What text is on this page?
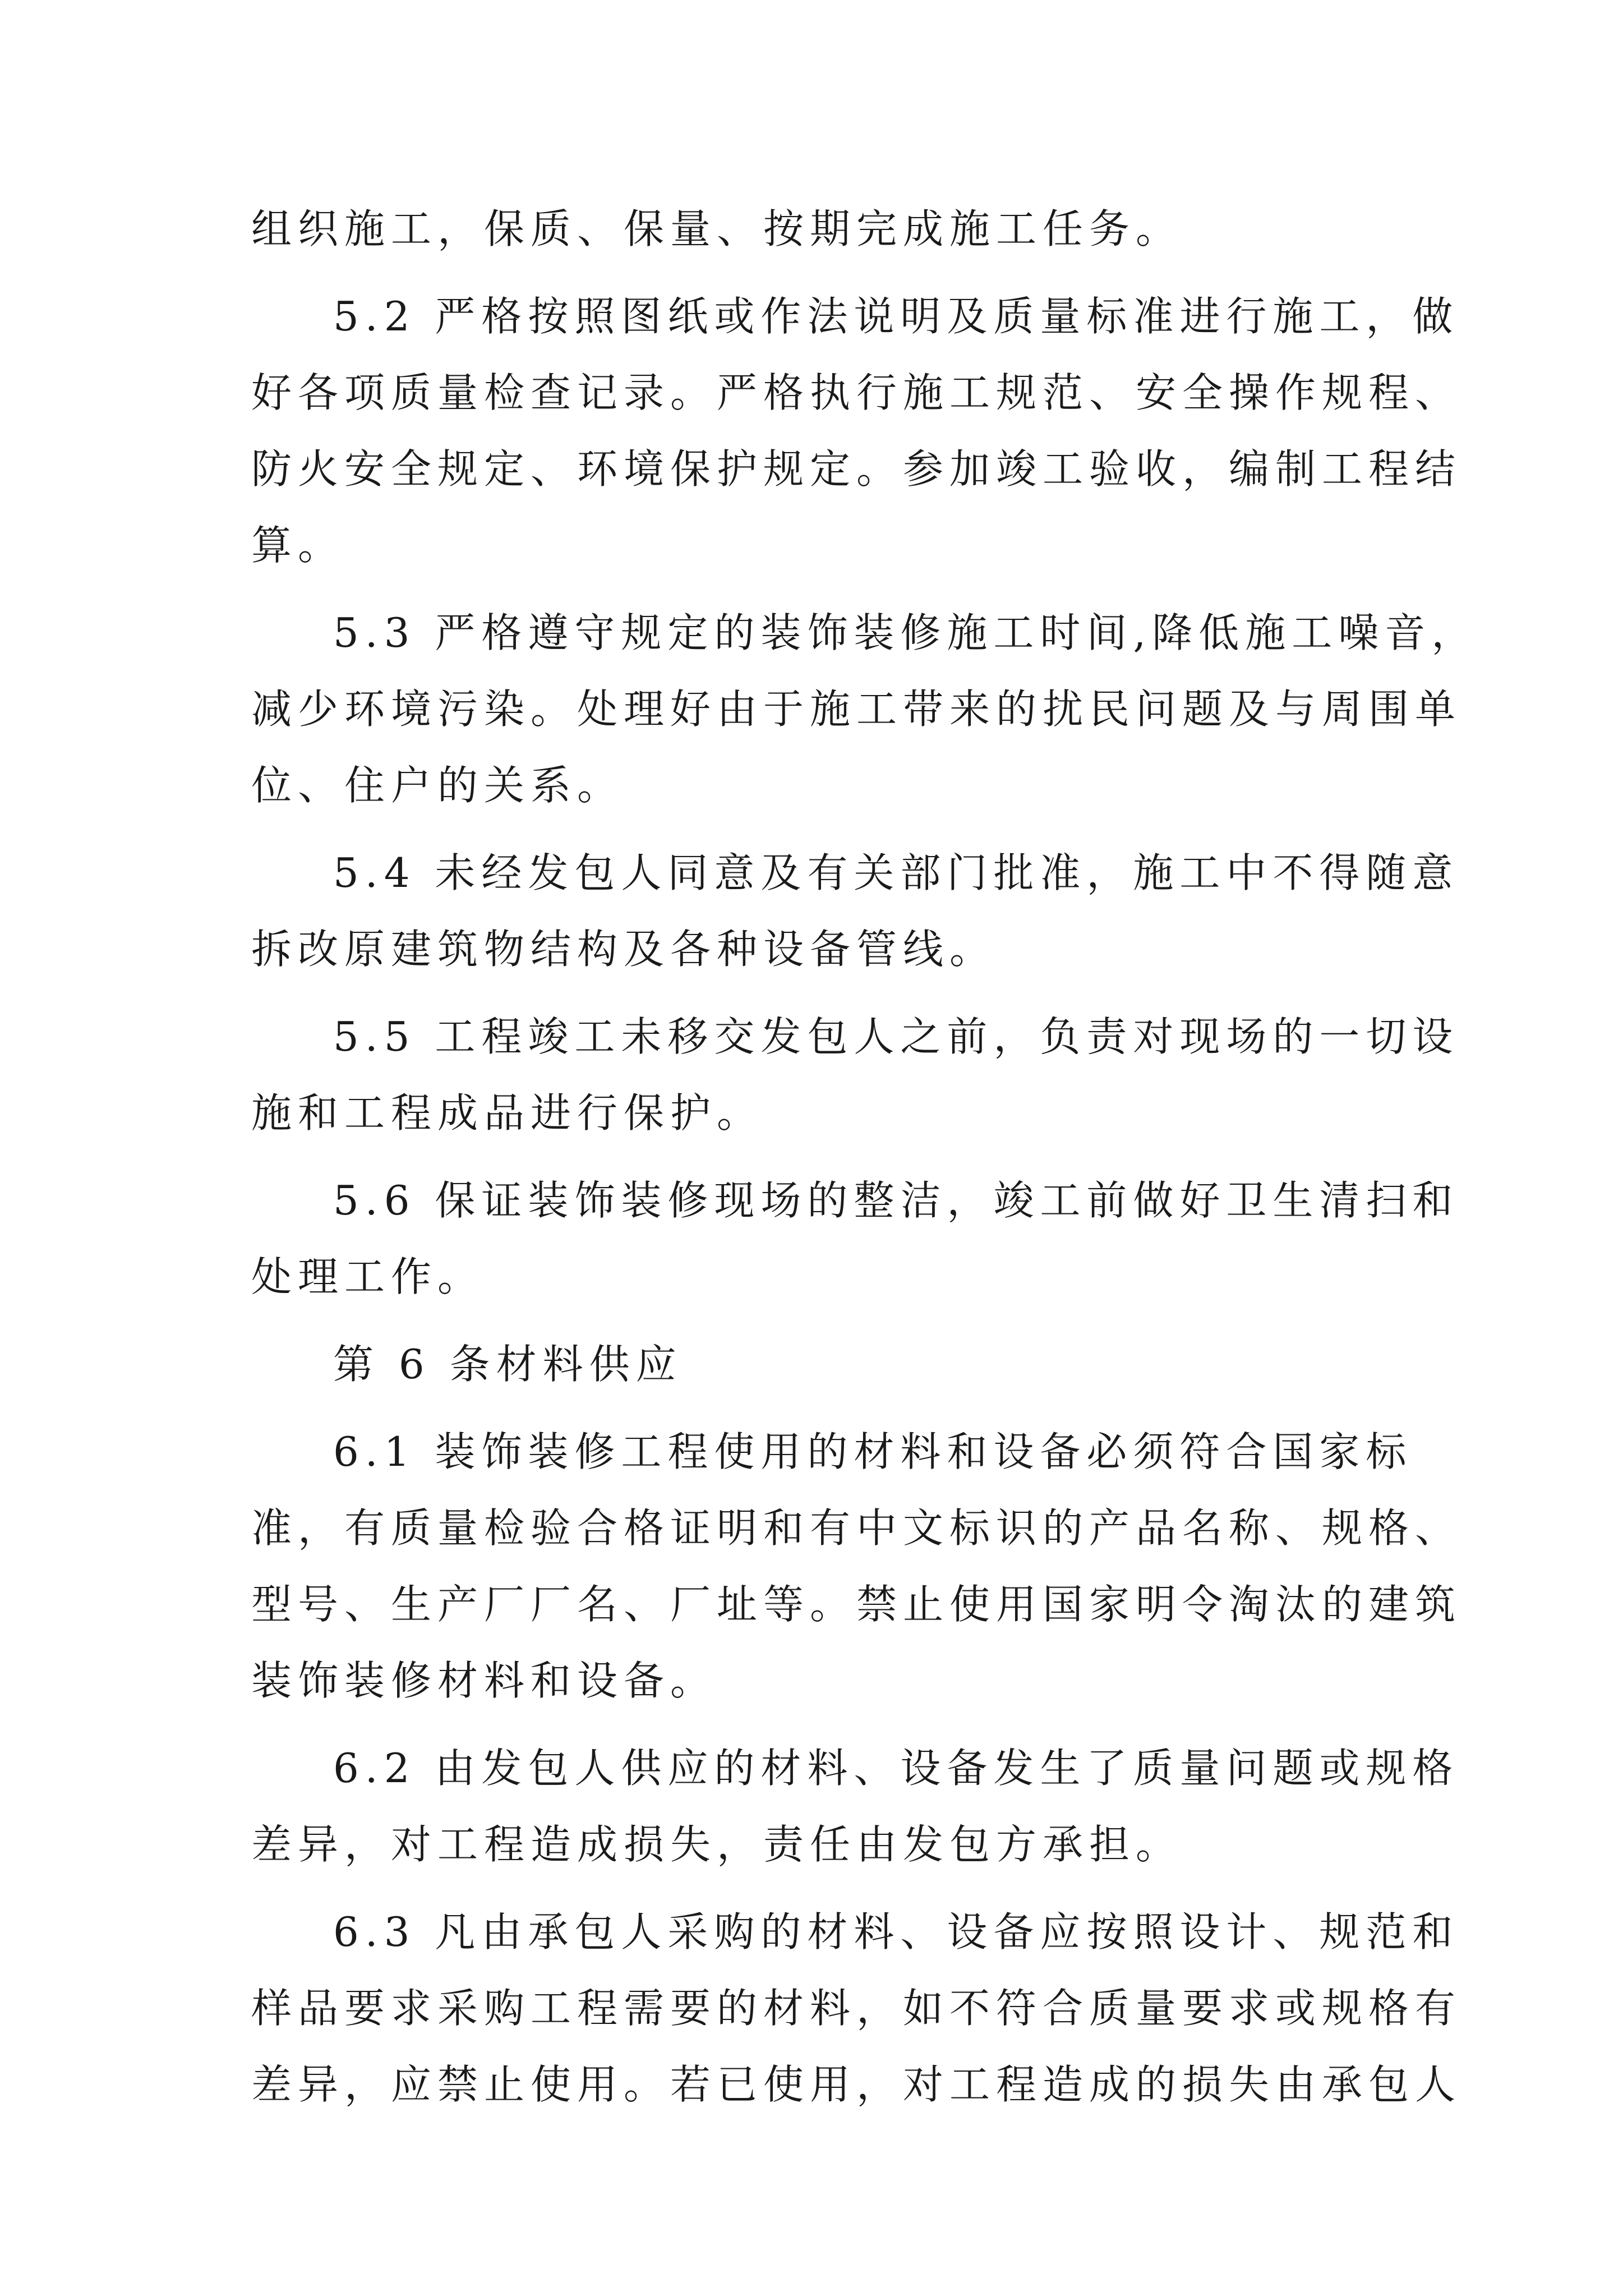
组织施工，保质、保量、按期完成施工任务。
5.2 严格按照图纸或作法说明及质量标准进行施工，做
好各项质量检查记录。严格执行施工规范、安全操作规程、
防火安全规定、环境保护规定。参加竣工验收，编制工程结
算。
5.3 严格遵守规定的装饰装修施工时间,降低施工噪音，
减少环境污染。处理好由于施工带来的扰民问题及与周围单
位、住户的关系。
5.4 未经发包人同意及有关部门批准，施工中不得随意
拆改原建筑物结构及各种设备管线。
5.5 工程竣工未移交发包人之前，负责对现场的一切设
施和工程成品进行保护。
5.6 保证装饰装修现场的整洁，竣工前做好卫生清扫和
处理工作。
第 6 条材料供应
6.1 装饰装修工程使用的材料和设备必须符合国家标
准，有质量检验合格证明和有中文标识的产品名称、规格、
型号、生产厂厂名、厂址等。禁止使用国家明令淘汰的建筑
装饰装修材料和设备。
6.2 由发包人供应的材料、设备发生了质量问题或规格
差异，对工程造成损失，责任由发包方承担。
6.3 凡由承包人采购的材料、设备应按照设计、规范和
样品要求采购工程需要的材料，如不符合质量要求或规格有
差异，应禁止使用。若已使用，对工程造成的损失由承包人
